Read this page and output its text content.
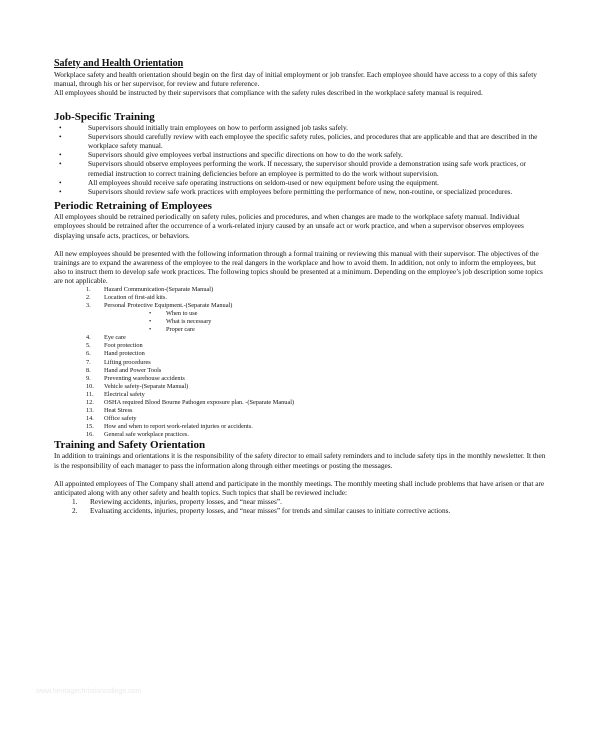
Safety and Health Orientation

Workplace safety and health orientation should begin on the first day of initial employment or job transfer. Each employee should have access to a copy of this safety manual, through his or her supervisor, for review and future reference.

All employees should be instructed by their supervisors that compliance with the safety rules described in the workplace safety manual is required.

Job-Specific Training
•	Supervisors should initially train employees on how to perform assigned job tasks safely.
•	Supervisors should carefully review with each employee the specific safety rules, policies, and procedures that are applicable and that are described in the workplace safety manual.
•	Supervisors should give employees verbal instructions and specific directions on how to do the work safely.
•	Supervisors should observe employees performing the work. If necessary, the supervisor should provide a demonstration using safe work practices, or remedial instruction to correct training deficiencies before an employee is permitted to do the work without supervision.
•	All employees should receive safe operating instructions on seldom-used or new equipment before using the equipment.
•	Supervisors should review safe work practices with employees before permitting the performance of new, non-routine, or specialized procedures.
Periodic Retraining of Employees

All employees should be retrained periodically on safety rules, policies and procedures, and when changes are made to the workplace safety manual. Individual employees should be retrained after the occurrence of a work-related injury caused by an unsafe act or work practice, and when a supervisor observes employees displaying unsafe acts, practices, or behaviors.

All new employees should be presented with the following information through a formal training or reviewing this manual with their supervisor. The objectives of the trainings are to expand the awareness of the employee to the real dangers in the workplace and how to avoid them. In addition, not only to inform the employees, but also to instruct them to develop safe work practices. The following topics should be presented at a minimum. Depending on the employee’s job description some topics are not applicable.

1. Hazard Communication-(Separate Manual)
2. Location of first-aid kits.
3. Personal Protective Equipment.-(Separate Manual)
• When to use
• What is necessary
• Proper care
4. Eye care
5. Foot protection
6. Hand protection
7. Lifting procedures
8. Hand and Power Tools
9. Preventing warehouse accidents
10. Vehicle safety-(Separate Manual)
11. Electrical safety
12. OSHA required Blood Bourne Pathogen exposure plan. -(Separate Manual)
13. Heat Stress
14. Office safety
15. How and when to report work-related injuries or accidents.
16. General safe workplace practices.
Training and Safety Orientation

In addition to trainings and orientations it is the responsibility of the safety director to email safety reminders and to include safety tips in the monthly newsletter. It then is the responsibility of each manager to pass the information along through either meetings or posting the messages.

All appointed employees of The Company shall attend and participate in the monthly meetings. The monthly meeting shall include problems that have arisen or that are anticipated along with any other safety and health topics. Such topics that shall be reviewed include:

1. Reviewing accidents, injuries, property losses, and “near misses”.
2. Evaluating accidents, injuries, property losses, and “near misses” for trends and similar causes to initiate corrective actions.
www.heritagechristiancollege.com
